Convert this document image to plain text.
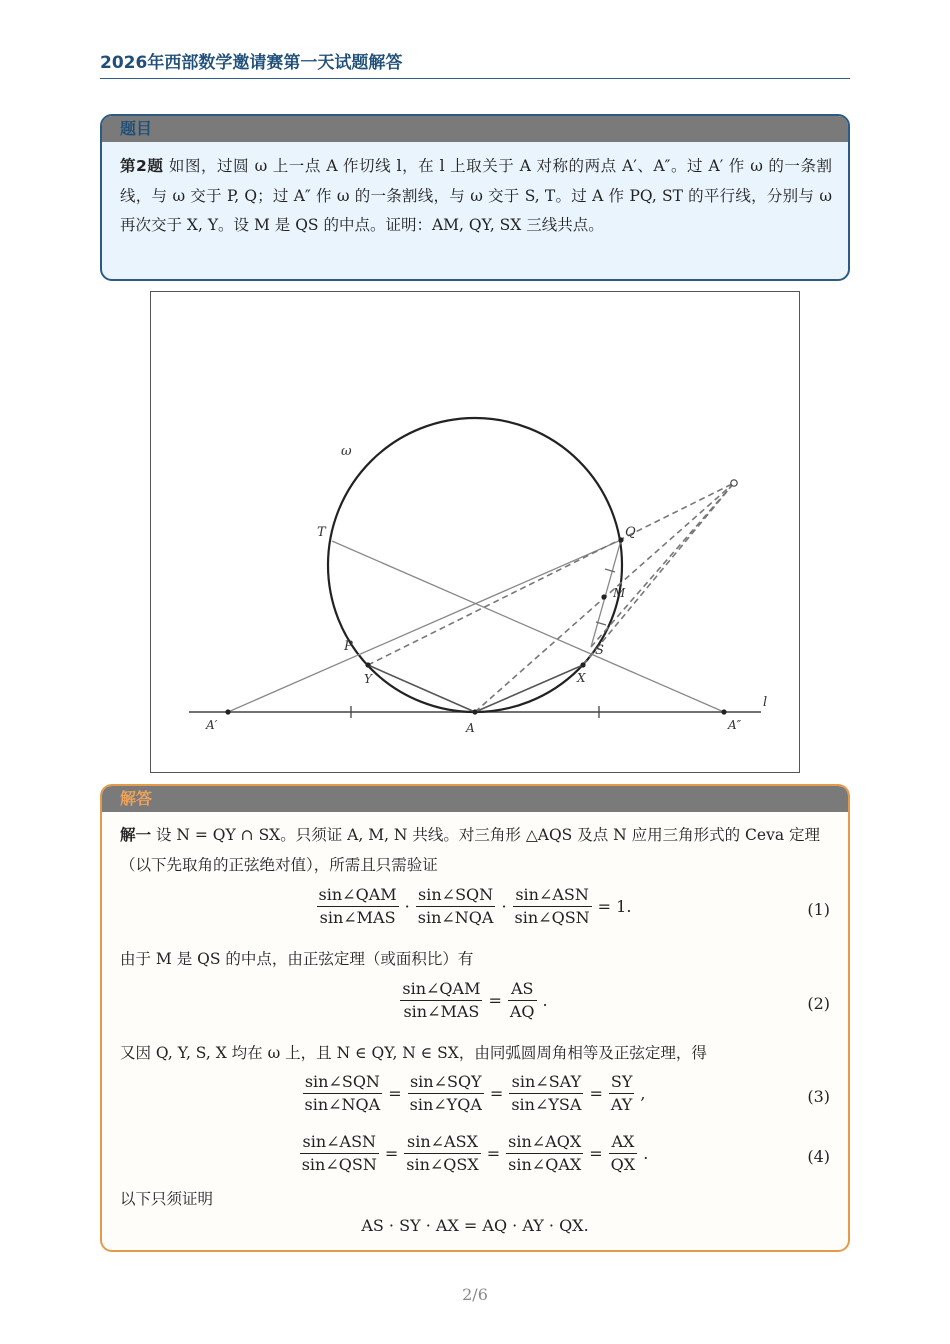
2026年西部数学邀请赛第一天试题解答
题目
第2题 如图，过圆 ω 上一点 A 作切线 l，在 l 上取关于 A 对称的两点 A′、A″。过 A′ 作 ω 的一条割线，与 ω 交于 P, Q；过 A″ 作 ω 的一条割线，与 ω 交于 S, T。过 A 作 PQ, ST 的平行线，分别与 ω 再次交于 X, Y。设 M 是 QS 的中点。证明：AM, QY, SX 三线共点。
ω
T	Q
M
P	S
Y	X
A′	A	A″
l
解答
解一 设 N = QY ∩ SX。只须证 A, M, N 共线。对三角形 △AQS 及点 N 应用三角形式的 Ceva 定理（以下先取角的正弦绝对值），所需且只需验证
$\frac{\text{sin∠QAM}}{\text{sin∠MAS}} \cdot \frac{\text{sin∠SQN}}{\text{sin∠NQA}} \cdot \frac{\text{sin∠ASN}}{\text{sin∠QSN}} = 1$.	(1)
由于 M 是 QS 的中点，由正弦定理（或面积比）有
$\frac{\text{sin∠QAM}}{\text{sin∠MAS}} = \frac{AS}{AQ}$ .	(2)
又因 Q, Y, S, X 均在 ω 上，且 N ∈ QY, N ∈ SX，由同弧圆周角相等及正弦定理，得
$\frac{\text{sin∠SQN}}{\text{sin∠NQA}} = \frac{\text{sin∠SQY}}{\text{sin∠YQA}} = \frac{\text{sin∠SAY}}{\text{sin∠YSA}} = \frac{SY}{AY}$ ,	(3)
$\frac{\text{sin∠ASN}}{\text{sin∠QSN}} = \frac{\text{sin∠ASX}}{\text{sin∠QSX}} = \frac{\text{sin∠AQX}}{\text{sin∠QAX}} = \frac{AX}{QX}$ .	(4)
以下只须证明
AS · SY · AX = AQ · AY · QX.
2/6
